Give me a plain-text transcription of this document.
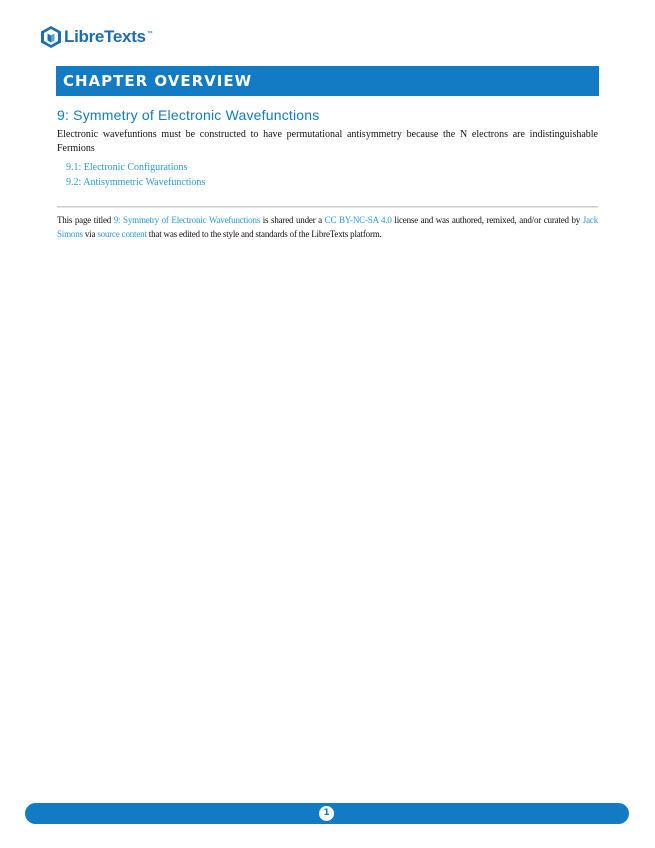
LibreTexts ™
CHAPTER OVERVIEW
9: Symmetry of Electronic Wavefunctions
Electronic wavefuntions must be constructed to have permutational antisymmetry because the N electrons are indistinguishable Fermions
9.1: Electronic Configurations
9.2: Antisymmetric Wavefunctions
This page titled 9: Symmetry of Electronic Wavefunctions is shared under a CC BY-NC-SA 4.0 license and was authored, remixed, and/or curated by Jack Simons via source content that was edited to the style and standards of the LibreTexts platform.
1
